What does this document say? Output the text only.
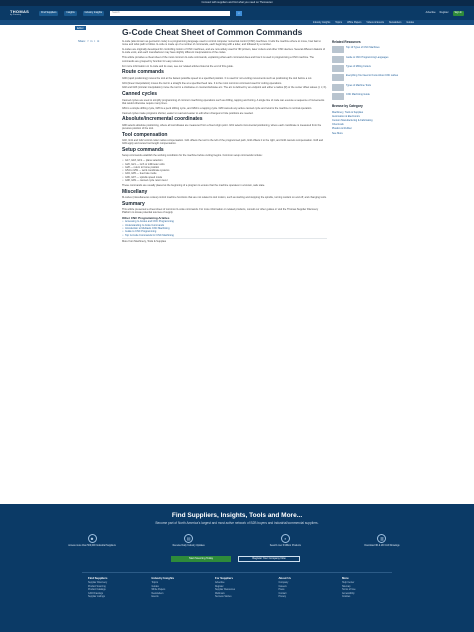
Connect with suppliers and find what you need on Thomasnet
THOMAS
by Xometry
Find Suppliers	Insights	Industry Insights	Search	⌕	Advertise Register	Sign In
Industry Insights Topics White Papers Videos & Events Newsletters Guides
Editor
Share: f in t ✉
G-Code Cheat Sheet of Common Commands

G-code (also known as geometric code) is a programming language used to control computer numerical control (CNC) machines. It tells the machine where to move, how fast to move and what path to follow. G-code is made up of a number of commands, each beginning with a letter, and followed by a number.

G-codes are originally developed for controlling motion of CNC machines, and are now widely used for 3D printers, laser cutters and other CNC devices. Several different dialects of G-code exist, and each manufacturer may have slightly different interpretations of the codes.

This article provides a cheat sheet of the most common G-code commands, explaining what each command does and how it is used in programming a CNC machine. The commands are grouped by function for easy reference.

For more information on G-code and its uses, see our related articles listed at the end of this guide.

Route commands

G00 (rapid positioning) moves the tool at the fastest possible speed to a specified position. It is used for non-cutting movements such as positioning the tool before a cut.

G01 (linear interpolation) moves the tool in a straight line at a specified feed rate. It is the most common command used for cutting operations.

G02 and G03 (circular interpolation) move the tool in a clockwise or counterclockwise arc. The arc is defined by an endpoint and either a radius (R) or the center offset values (I, J, K).

Canned cycles

Canned cycles are used to simplify programming of common machining operations such as drilling, tapping and boring. A single line of code can execute a sequence of movements that would otherwise require many lines.

G81 is a simple drilling cycle, G83 is a peck drilling cycle, and G84 is a tapping cycle. G80 cancels any active canned cycle and returns the machine to normal operation.

Canned cycles make programs shorter, easier to read and easier to edit when changes to hole positions are needed.

Absolute/incremental coordinates

G90 selects absolute positioning, where all coordinates are measured from a fixed origin point. G91 selects incremental positioning, where each coordinate is measured from the previous position of the tool.

Tool compensation

G40, G41 and G42 control cutter radius compensation. G41 offsets the tool to the left of the programmed path, G42 offsets it to the right, and G40 cancels compensation. G43 and G49 apply and cancel tool length compensation.

Setup commands

Setup commands establish the working conditions for the machine before cutting begins. Common setup commands include:

• G17, G18, G19 — plane selection
• G20, G21 — inch or millimeter units
• G28 — return to home position
• G54 to G59 — work coordinate systems
• G94, G95 — feed rate mode
• G96, G97 — spindle speed mode
• G98, G99 — canned cycle return level

These commands are usually placed at the beginning of a program to ensure that the machine operates in a known, safe state.

Miscellany

M-codes (miscellaneous codes) control machine functions that are not related to tool motion, such as starting and stopping the spindle, turning coolant on and off, and changing tools.

Summary

This article presented a cheat sheet of common G-code commands. For more information on related products, consult our other guides or visit the Thomas Supplier Discovery Platform to locate potential sources of supply.

Other CNC Programming Articles
• Accessing G-Codes and CNC Programming
• Understanding G-Code Commands
• Introduction to Multiaxis CNC Machining
• Guide to CNC Programming
• Top G-Code Commands for CNC Machining

More from Machinery, Tools & Supplies

Related Resources
Top 10 Types of CNC Machines
Guide to CNC Programming Languages
Types of Milling Cutters
Everything You Need to Know About CNC Lathes
Types of Machine Tools
CNC Machining Guide
Browse by Category
Machinery, Tools & Supplies
Automation & Electronics
Custom Manufacturing & Fabricating
Chemicals
Plastics & Rubber
See More
Find Suppliers, Insights, Tools and More...
Become part of North America's largest and most active network of B2B buyers and industrial/commercial suppliers.
☻
Access more than 500,000 Industrial Suppliers
▤
Receive Daily Industry Updates
⌕
Search over 6 Million Products
▥
Download 3D & 2D CAD Drawings
Start Sourcing Today	Register Your Company Now
Find Suppliers
Supplier Discovery
Product Sourcing
Product Catalogs
CAD Drawings
Supplier Listings
Industry Insights
Topics
Guides
White Papers
Newsletters
Events
For Suppliers
Advertise
Register
Supplier Resources
Webinars
Success Stories
About Us
Company
Careers
Press
Contact
Privacy
More
Help Center
Sitemap
Terms of Use
Accessibility
Cookies
